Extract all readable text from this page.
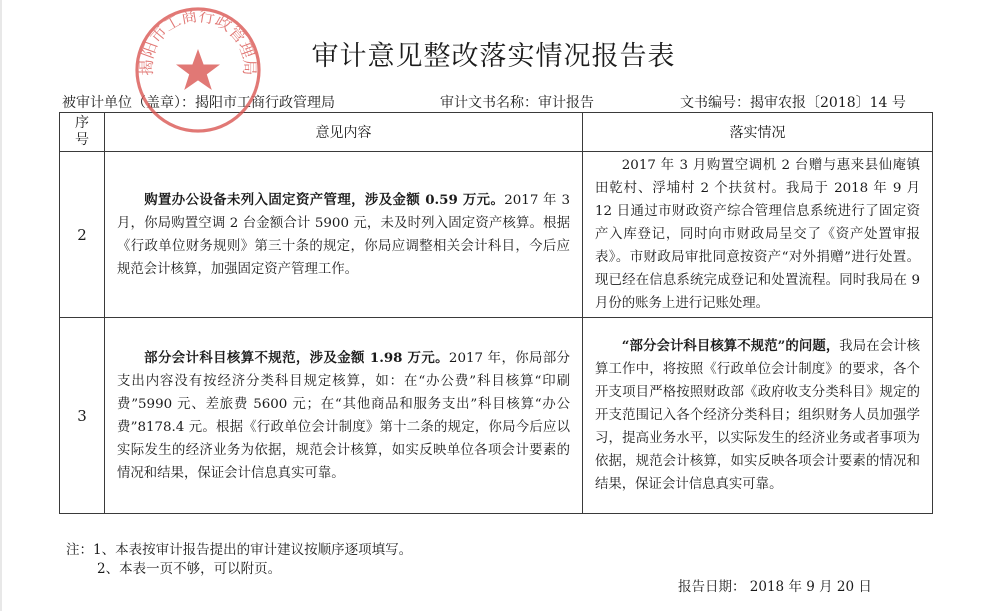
审计意见整改落实情况报告表
被审计单位（盖章）：揭阳市工商行政管理局	审计文书名称：审计报告	文书编号：揭审农报〔2018〕14 号
序号	意见内容	落实情况
2	  购置办公设备未列入固定资产管理，涉及金额 0.59 万元。2017 年 3 月，你局购置空调 2 台金额合计 5900 元，未及时列入固定资产核算。根据《行政单位财务规则》第三十条的规定，你局应调整相关会计科目，今后应规范会计核算，加强固定资产管理工作。	  2017 年 3 月购置空调机 2 台赠与惠来县仙庵镇田乾村、浮埔村 2 个扶贫村。我局于 2018 年 9 月 12 日通过市财政资产综合管理信息系统进行了固定资产入库登记，同时向市财政局呈交了《资产处置审报表》。市财政局审批同意按资产“对外捐赠”进行处置。现已经在信息系统完成登记和处置流程。同时我局在 9 月份的账务上进行记账处理。
3	  部分会计科目核算不规范，涉及金额 1.98 万元。2017 年，你局部分支出内容没有按经济分类科目规定核算，如：在“办公费”科目核算“印刷费”5990 元、差旅费 5600 元；在“其他商品和服务支出”科目核算“办公费”8178.4 元。根据《行政单位会计制度》第十二条的规定，你局今后应以实际发生的经济业务为依据，规范会计核算，如实反映单位各项会计要素的情况和结果，保证会计信息真实可靠。	  “部分会计科目核算不规范”的问题，我局在会计核算工作中，将按照《行政单位会计制度》的要求，各个开支项目严格按照财政部《政府收支分类科目》规定的开支范围记入各个经济分类科目；组织财务人员加强学习，提高业务水平，以实际发生的经济业务或者事项为依据，规范会计核算，如实反映各项会计要素的情况和结果，保证会计信息真实可靠。
注：1、本表按审计报告提出的审计建议按顺序逐项填写。
2、本表一页不够，可以附页。
报告日期： 2018 年 9 月 20 日
揭阳市工商行政管理局
